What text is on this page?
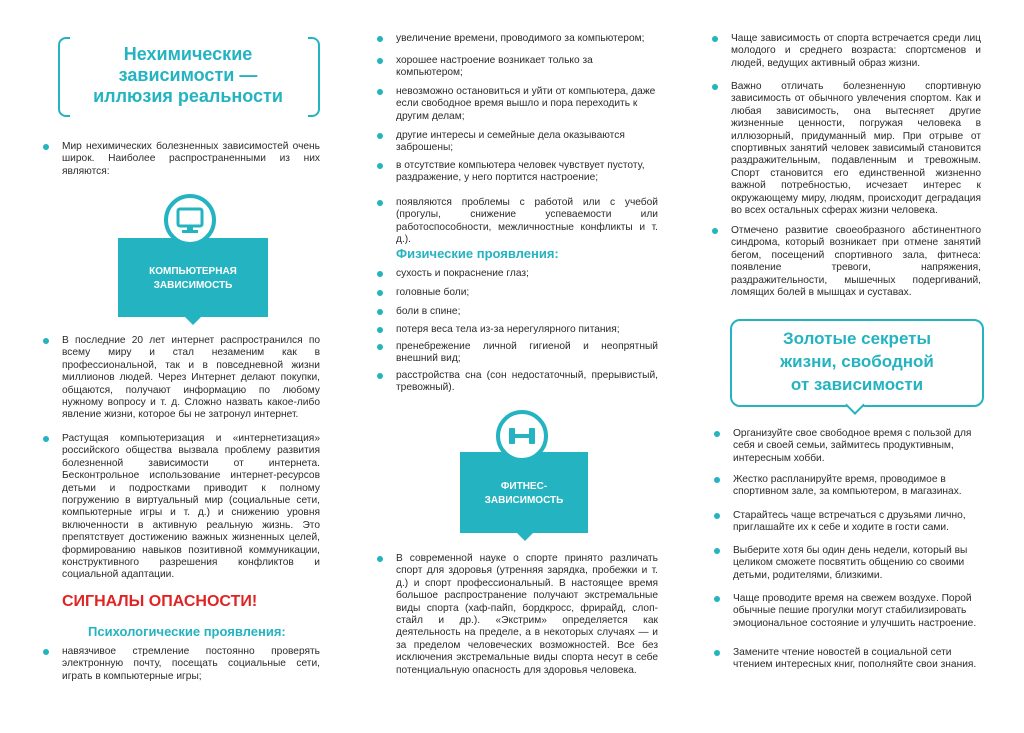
Нехимические
зависимости —
иллюзия реальности
Мир нехимических болезненных зависимостей очень широк. Наиболее распространенными из них являются:
КОМПЬЮТЕРНАЯ
ЗАВИСИМОСТЬ
В последние 20 лет интернет распространился по всему миру и стал незаменим как в профессиональной, так и в повседневной жизни миллионов людей. Через Интернет делают покупки, общаются, получают информацию по любому нужному вопросу и т. д. Сложно назвать какое-либо явление жизни, которое бы не затронул интернет.
Растущая компьютеризация и «интернетизация» российского общества вызвала проблему развития болезненной зависимости от интернета. Бесконтрольное использование интернет-ресурсов детьми и подростками приводит к полному погружению в виртуальный мир (социальные сети, компьютерные игры и т. д.) и снижению уровня включенности в активную реальную жизнь. Это препятствует достижению важных жизненных целей, формированию навыков позитивной коммуникации, конструктивного разрешения конфликтов и социальной адаптации.
СИГНАЛЫ ОПАСНОСТИ!
Психологические проявления:
навязчивое стремление постоянно проверять электронную почту, посещать социальные сети, играть в компьютерные игры;
увеличение времени, проводимого за компьютером;
хорошее настроение возникает только за компьютером;
невозможно остановиться и уйти от компьютера, даже если свободное время вышло и пора переходить к другим делам;
другие интересы и семейные дела оказываются заброшены;
в отсутствие компьютера человек чувствует пустоту, раздражение, у него портится настроение;
появляются проблемы с работой или с учебой (прогулы, снижение успеваемости или работоспособности, межличностные конфликты и т. д.).
Физические проявления:
сухость и покраснение глаз;
головные боли;
боли в спине;
потеря веса тела из-за нерегулярного питания;
пренебрежение личной гигиеной и неопрятный внешний вид;
расстройства сна (сон недостаточный, прерывистый, тревожный).
ФИТНЕС-
ЗАВИСИМОСТЬ
В современной науке о спорте принято различать спорт для здоровья (утренняя зарядка, пробежки и т. д.) и спорт профессиональный. В настоящее время большое распространение получают экстремальные виды спорта (хаф-пайп, бордкросс, фрирайд, слоп-стайл и др.). «Экстрим» определяется как деятельность на пределе, а в некоторых случаях — и за пределом человеческих возможностей. Все без исключения экстремальные виды спорта несут в себе потенциальную опасность для здоровья человека.
Чаще зависимость от спорта встречается среди лиц молодого и среднего возраста: спортсменов и людей, ведущих активный образ жизни.
Важно отличать болезненную спортивную зависимость от обычного увлечения спортом. Как и любая зависимость, она вытесняет другие жизненные ценности, погружая человека в иллюзорный, придуманный мир. При отрыве от спортивных занятий человек зависимый становится раздражительным, подавленным и тревожным. Спорт становится его единственной жизненно важной потребностью, исчезает интерес к окружающему миру, людям, происходит деградация во всех остальных сферах жизни человека.
Отмечено развитие своеобразного абстинентного синдрома, который возникает при отмене занятий бегом, посещений спортивного зала, фитнеса: появление тревоги, напряжения, раздражительности, мышечных подергиваний, ломящих болей в мышцах и суставах.
Золотые секреты
жизни, свободной
от зависимости
Организуйте свое свободное время с пользой для себя и своей семьи, займитесь продуктивным, интересным хобби.
Жестко распланируйте время, проводимое в спортивном зале, за компьютером, в магазинах.
Старайтесь чаще встречаться с друзьями лично, приглашайте их к себе и ходите в гости сами.
Выберите хотя бы один день недели, который вы целиком сможете посвятить общению со своими детьми, родителями, близкими.
Чаще проводите время на свежем воздухе. Порой обычные пешие прогулки могут стабилизировать эмоциональное состояние и улучшить настроение.
Замените чтение новостей в социальной сети чтением интересных книг, пополняйте свои знания.
